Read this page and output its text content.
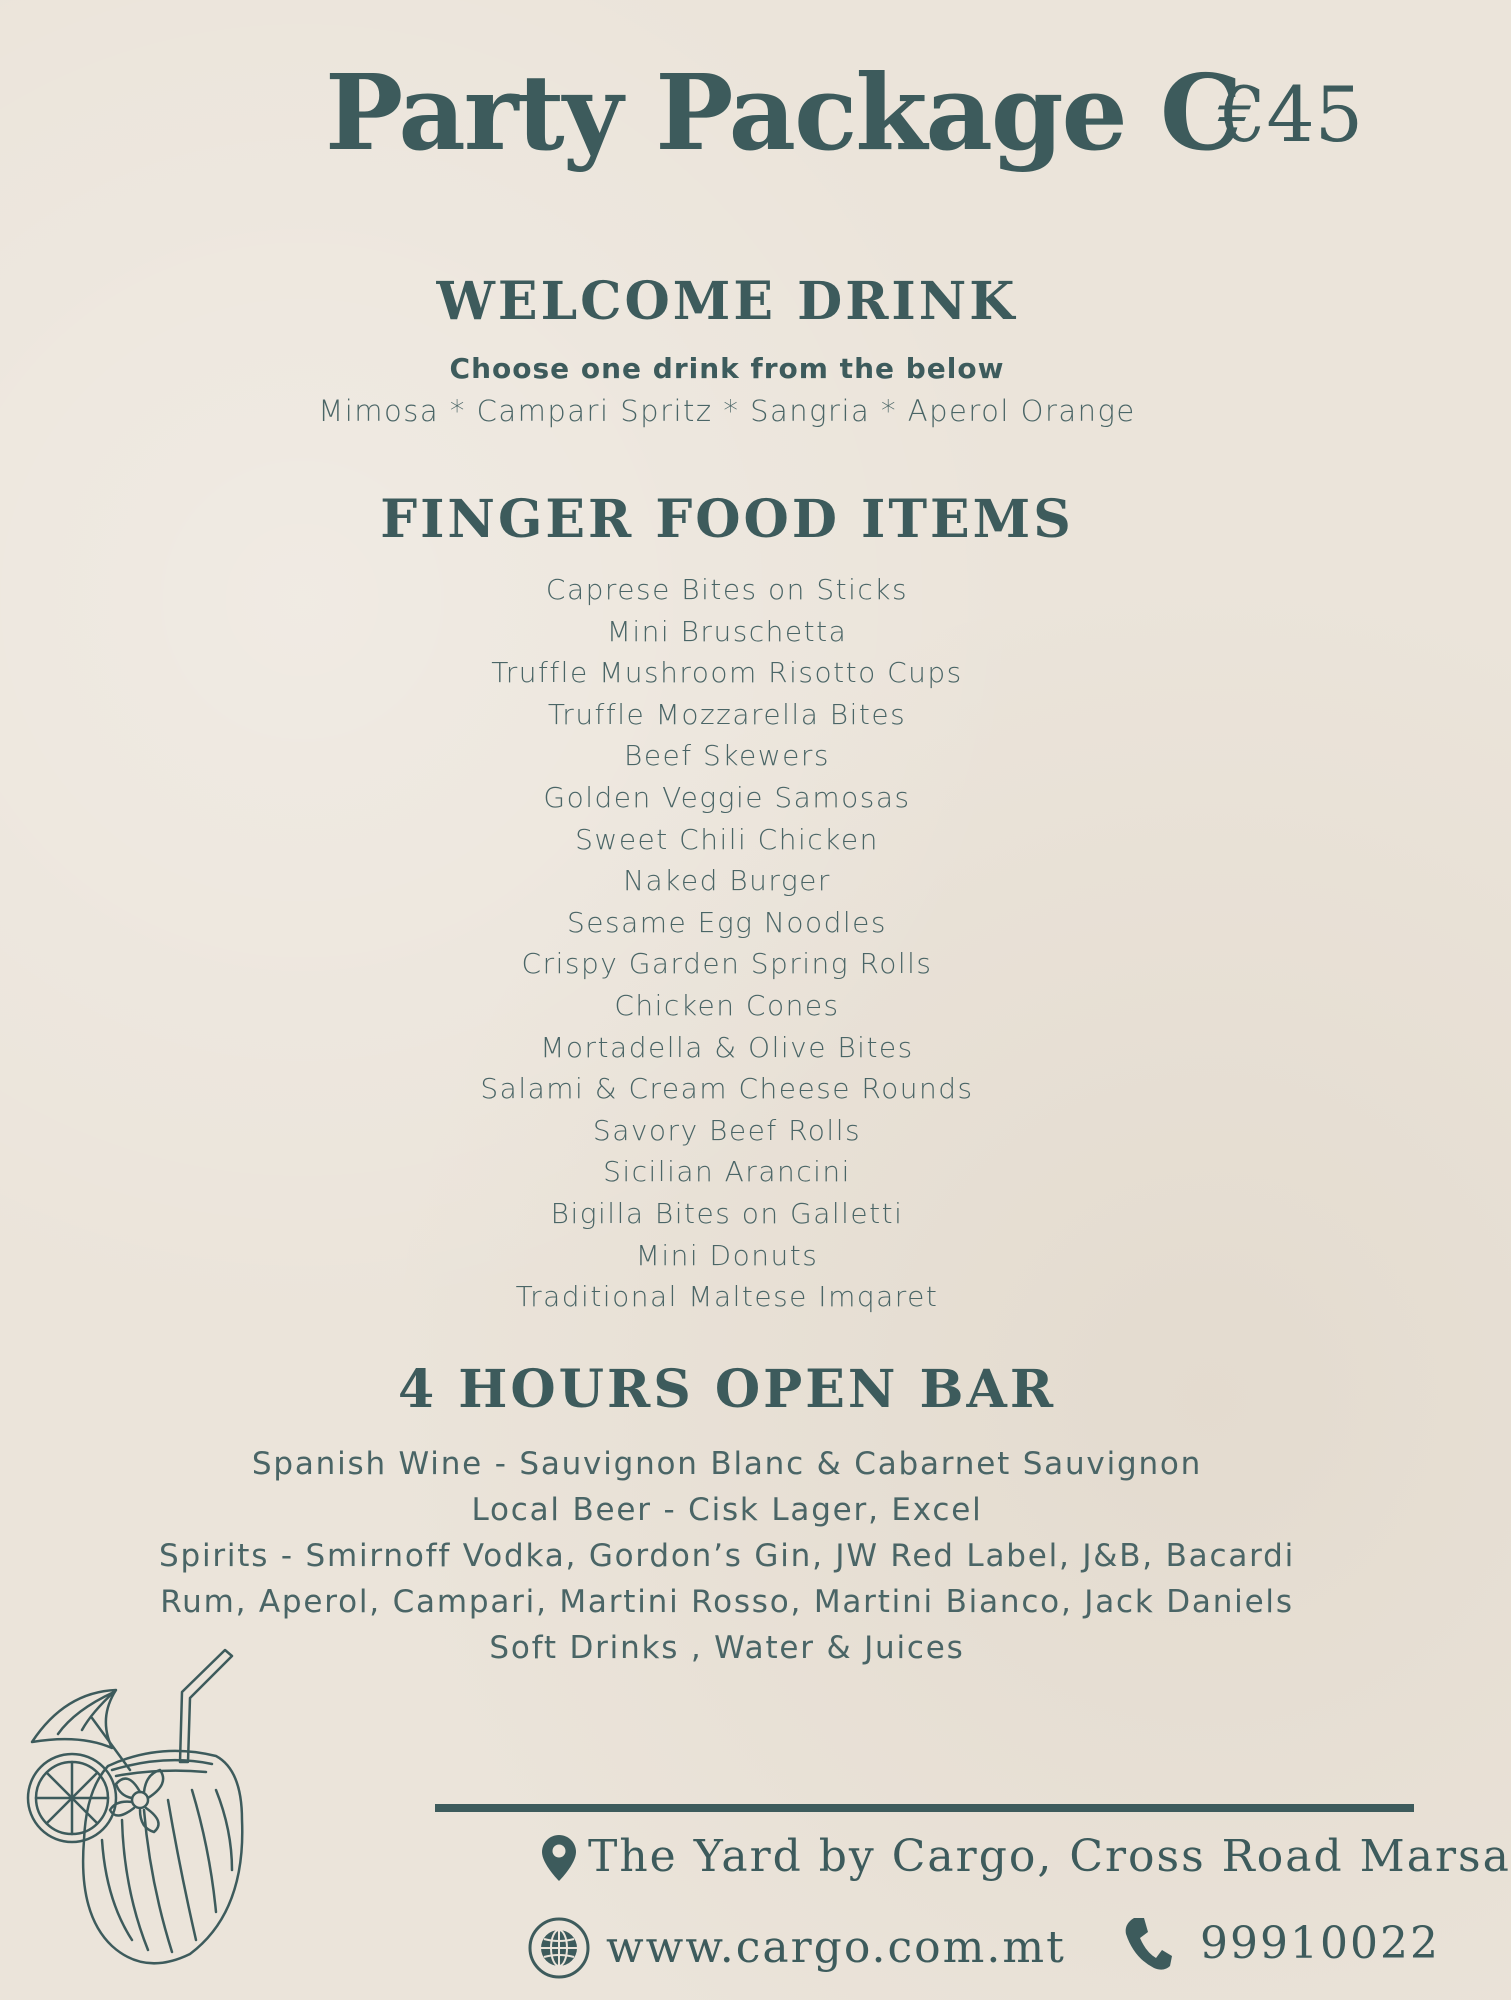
Party Package C
€45
WELCOME DRINK
Choose one drink from the below
Mimosa * Campari Spritz * Sangria * Aperol Orange
FINGER FOOD ITEMS
Caprese Bites on Sticks
Mini Bruschetta
Truffle Mushroom Risotto Cups
Truffle Mozzarella Bites
Beef Skewers
Golden Veggie Samosas
Sweet Chili Chicken
Naked Burger
Sesame Egg Noodles
Crispy Garden Spring Rolls
Chicken Cones
Mortadella & Olive Bites
Salami & Cream Cheese Rounds
Savory Beef Rolls
Sicilian Arancini
Bigilla Bites on Galletti
Mini Donuts
Traditional Maltese Imqaret
4 HOURS OPEN BAR
Spanish Wine - Sauvignon Blanc & Cabarnet Sauvignon
Local Beer - Cisk Lager, Excel
Spirits - Smirnoff Vodka, Gordon’s Gin, JW Red Label, J&B, Bacardi
Rum, Aperol, Campari, Martini Rosso, Martini Bianco, Jack Daniels
Soft Drinks , Water & Juices
The Yard by Cargo, Cross Road Marsa
www.cargo.com.mt	99910022
